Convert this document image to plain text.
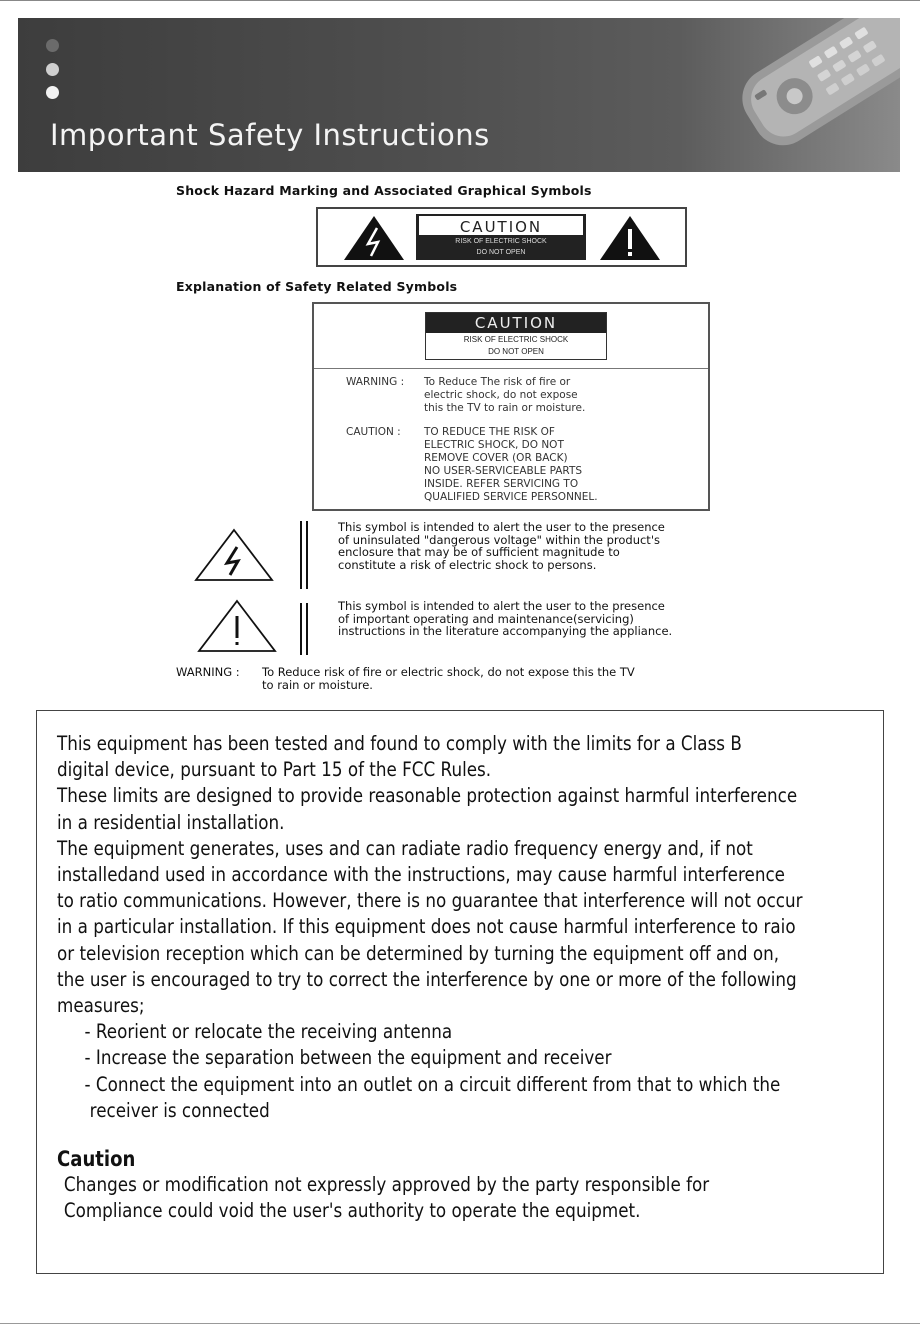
Important Safety Instructions
Shock Hazard Marking and Associated Graphical Symbols
CAUTION
RISK OF ELECTRIC SHOCK
DO NOT OPEN
Explanation of Safety Related Symbols
CAUTION
RISK OF ELECTRIC SHOCK
DO NOT OPEN
WARNING : To Reduce The risk of fire or
electric shock, do not expose
this the TV to rain or moisture.
CAUTION : TO REDUCE THE RISK OF
ELECTRIC SHOCK, DO NOT
REMOVE COVER (OR BACK)
NO USER-SERVICEABLE PARTS
INSIDE. REFER SERVICING TO
QUALIFIED SERVICE PERSONNEL.
This symbol is intended to alert the user to the presence
of uninsulated "dangerous voltage" within the product's
enclosure that may be of sufficient magnitude to
constitute a risk of electric shock to persons.
This symbol is intended to alert the user to the presence
of important operating and maintenance(servicing)
instructions in the literature accompanying the appliance.
WARNING : To Reduce risk of fire or electric shock, do not expose this the TV
to rain or moisture.

This equipment has been tested and found to comply with the limits for a Class B

digital device, pursuant to Part 15 of the FCC Rules.

These limits are designed to provide reasonable protection against harmful interference

in a residential installation.

The equipment generates, uses and can radiate radio frequency energy and, if not

installedand used in accordance with the instructions, may cause harmful interference

to ratio communications. However, there is no guarantee that interference will not occur

in a particular installation. If this equipment does not cause harmful interference to raio

or television reception which can be determined by turning the equipment off and on,

the user is encouraged to try to correct the interference by one or more of the following

measures;

- Reorient or relocate the receiving antenna

- Increase the separation between the equipment and receiver

- Connect the equipment into an outlet on a circuit different from that to which the

receiver is connected

Caution

Changes or modification not expressly approved by the party responsible for

Compliance could void the user's authority to operate the equipmet.
